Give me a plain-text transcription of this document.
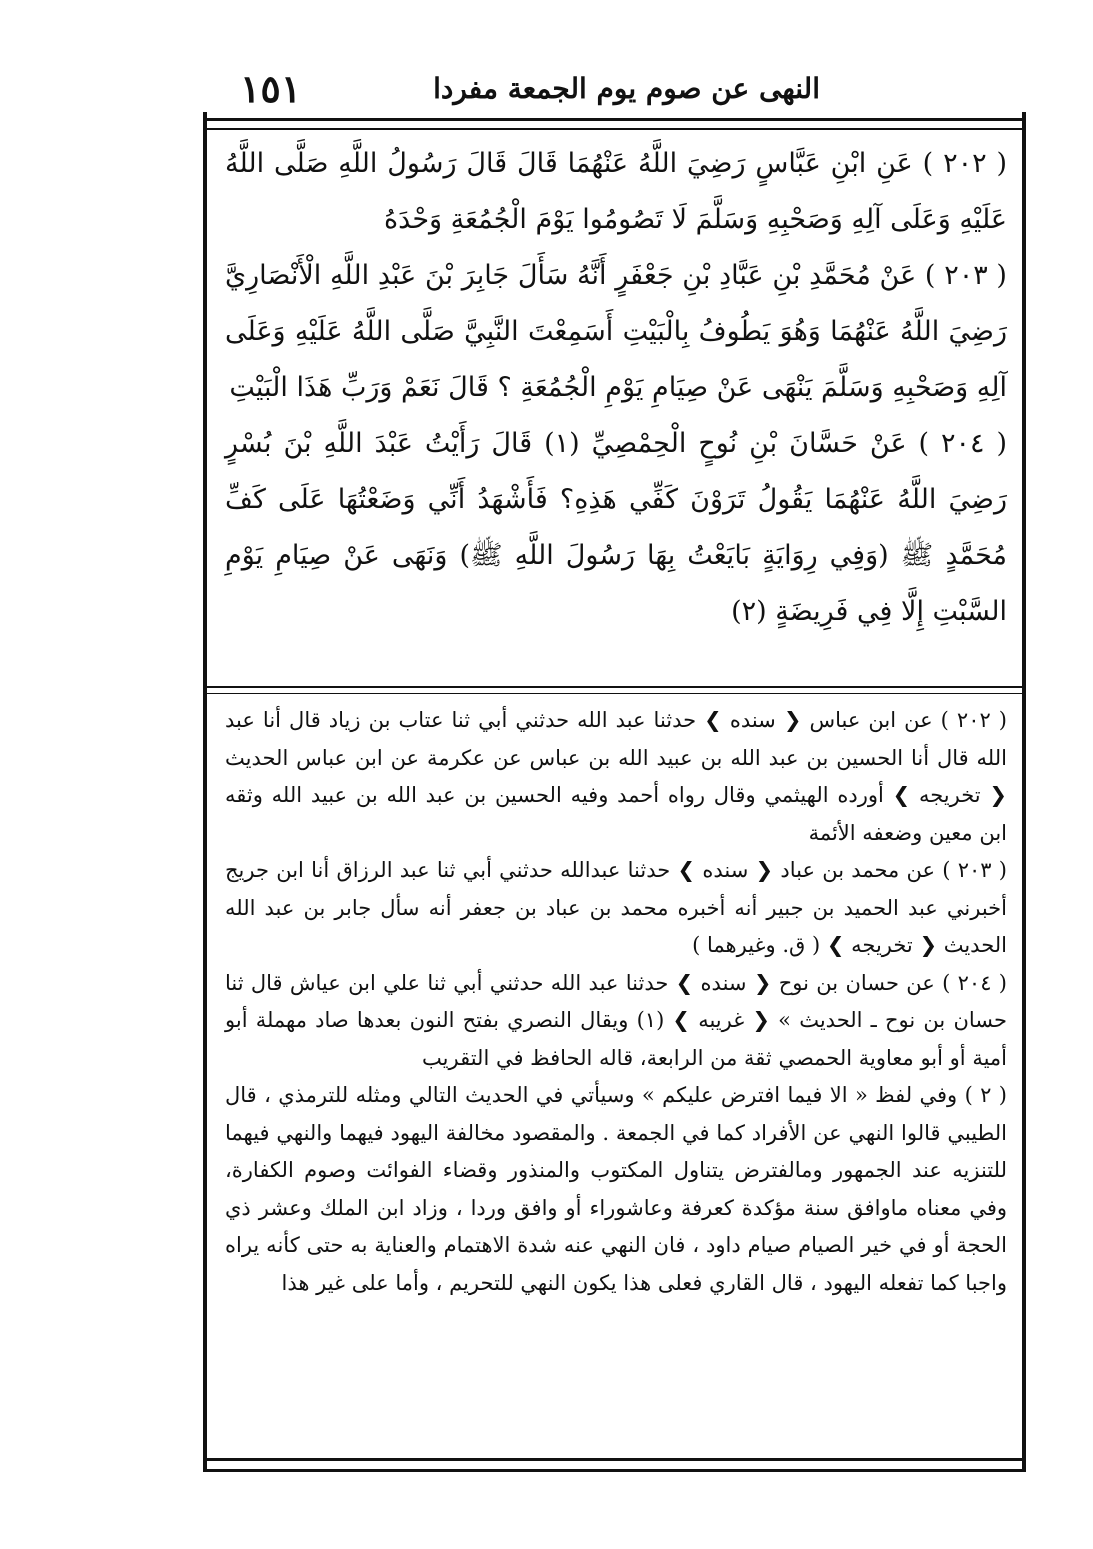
١٥١	النهى عن صوم يوم الجمعة مفردا

( ٢٠٢ ) عَنِ ابْنِ عَبَّاسٍ رَضِيَ اللَّهُ عَنْهُمَا قَالَ قَالَ رَسُولُ اللَّهِ صَلَّى اللَّهُ عَلَيْهِ وَعَلَى آلِهِ وَصَحْبِهِ وَسَلَّمَ لَا تَصُومُوا يَوْمَ الْجُمُعَةِ وَحْدَهُ

( ٢٠٣ ) عَنْ مُحَمَّدِ بْنِ عَبَّادِ بْنِ جَعْفَرٍ أَنَّهُ سَأَلَ جَابِرَ بْنَ عَبْدِ اللَّهِ الْأَنْصَارِيَّ رَضِيَ اللَّهُ عَنْهُمَا وَهُوَ يَطُوفُ بِالْبَيْتِ أَسَمِعْتَ النَّبِيَّ صَلَّى اللَّهُ عَلَيْهِ وَعَلَى آلِهِ وَصَحْبِهِ وَسَلَّمَ يَنْهَى عَنْ صِيَامِ يَوْمِ الْجُمُعَةِ ؟ قَالَ نَعَمْ وَرَبِّ هَذَا الْبَيْتِ

( ٢٠٤ ) عَنْ حَسَّانَ بْنِ نُوحٍ الْحِمْصِيِّ (١) قَالَ رَأَيْتُ عَبْدَ اللَّهِ بْنَ بُسْرٍ رَضِيَ اللَّهُ عَنْهُمَا يَقُولُ تَرَوْنَ كَفِّي هَذِهِ؟ فَأَشْهَدُ أَنِّي وَضَعْتُهَا عَلَى كَفِّ مُحَمَّدٍ ﷺ (وَفِي رِوَايَةٍ بَايَعْتُ بِهَا رَسُولَ اللَّهِ ﷺ) وَنَهَى عَنْ صِيَامِ يَوْمِ السَّبْتِ إِلَّا فِي فَرِيضَةٍ (٢)

( ٢٠٢ ) عن ابن عباس ❮ سنده ❯ حدثنا عبد الله حدثني أبي ثنا عتاب بن زياد قال أنا عبد الله قال أنا الحسين بن عبد الله بن عبيد الله بن عباس عن عكرمة عن ابن عباس الحديث ❮ تخريجه ❯ أورده الهيثمي وقال رواه أحمد وفيه الحسين بن عبد الله بن عبيد الله وثقه ابن معين وضعفه الأئمة

( ٢٠٣ ) عن محمد بن عباد ❮ سنده ❯ حدثنا عبدالله حدثني أبي ثنا عبد الرزاق أنا ابن جريج أخبرني عبد الحميد بن جبير أنه أخبره محمد بن عباد بن جعفر أنه سأل جابر بن عبد الله الحديث ❮ تخريجه ❯ ( ق. وغيرهما )

( ٢٠٤ ) عن حسان بن نوح ❮ سنده ❯ حدثنا عبد الله حدثني أبي ثنا علي ابن عياش قال ثنا حسان بن نوح ـ الحديث » ❮ غريبه ❯ (١) ويقال النصري بفتح النون بعدها صاد مهملة أبو أمية أو أبو معاوية الحمصي ثقة من الرابعة، قاله الحافظ في التقريب

( ٢ ) وفي لفظ « الا فيما افترض عليكم » وسيأتي في الحديث التالي ومثله للترمذي ، قال الطيبي قالوا النهي عن الأفراد كما في الجمعة . والمقصود مخالفة اليهود فيهما والنهي فيهما للتنزيه عند الجمهور ومالفترض يتناول المكتوب والمنذور وقضاء الفوائت وصوم الكفارة، وفي معناه ماوافق سنة مؤكدة كعرفة وعاشوراء أو وافق وردا ، وزاد ابن الملك وعشر ذي الحجة أو في خير الصيام صيام داود ، فان النهي عنه شدة الاهتمام والعناية به حتى كأنه يراه واجبا كما تفعله اليهود ، قال القاري فعلى هذا يكون النهي للتحريم ، وأما على غير هذا
